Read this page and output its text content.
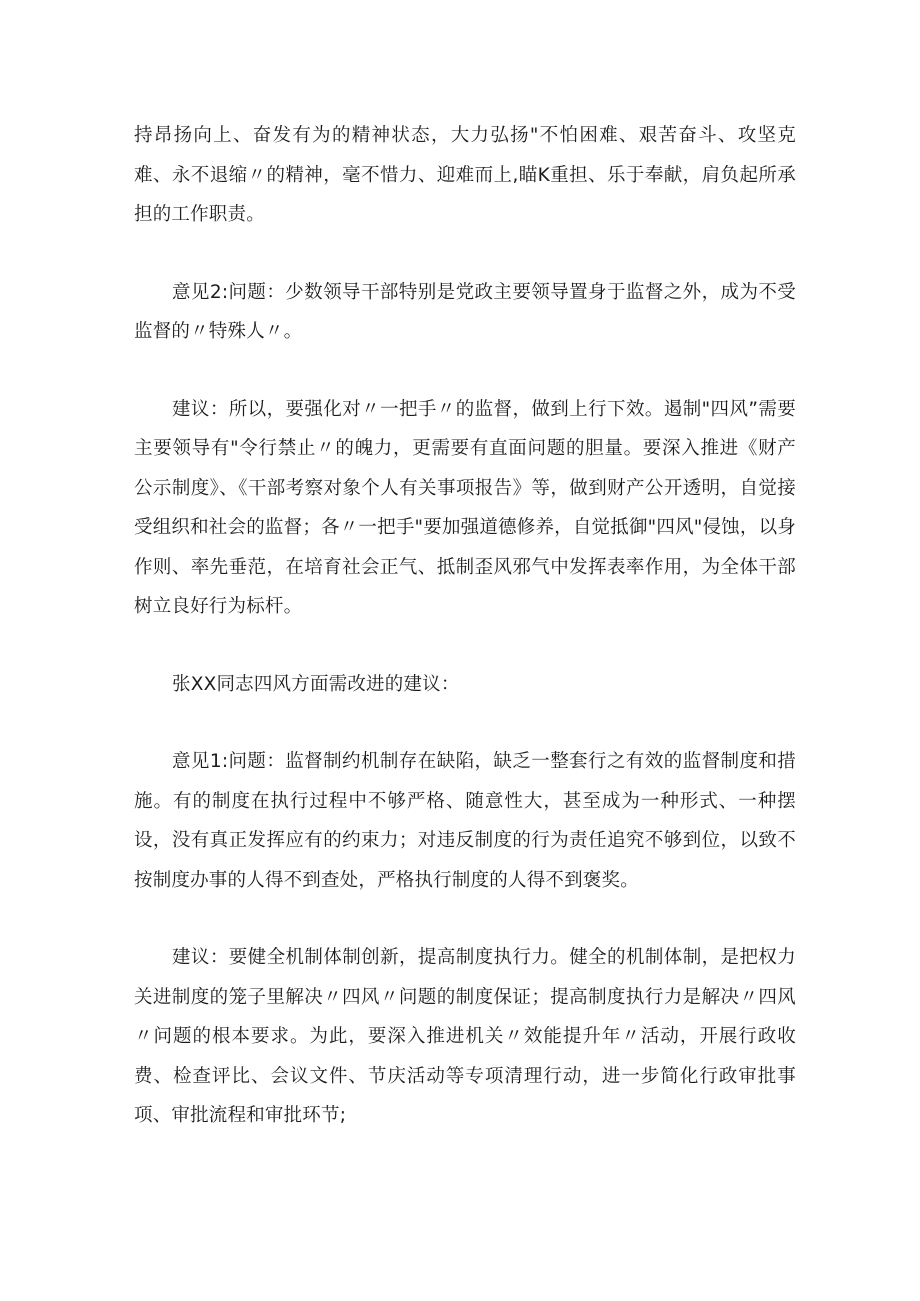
持昂扬向上、奋发有为的精神状态，大力弘扬"不怕困难、艰苦奋斗、攻坚克难、永不退缩〃的精神，毫不惜力、迎难而上,瞄K重担、乐于奉献，肩负起所承担的工作职责。

意见2:问题：少数领导干部特别是党政主要领导置身于监督之外，成为不受监督的〃特殊人〃。

建议：所以，要强化对〃一把手〃的监督，做到上行下效。遏制"四风”需要主要领导有"令行禁止〃的魄力，更需要有直面问题的胆量。要深入推进《财产公示制度》、《干部考察对象个人有关事项报告》等，做到财产公开透明，自觉接受组织和社会的监督；各〃一把手"要加强道德修养，自觉抵御"四风"侵蚀，以身作则、率先垂范，在培育社会正气、抵制歪风邪气中发挥表率作用，为全体干部树立良好行为标杆。

张XX同志四风方面需改进的建议：

意见1:问题：监督制约机制存在缺陷，缺乏一整套行之有效的监督制度和措施。有的制度在执行过程中不够严格、随意性大，甚至成为一种形式、一种摆设，没有真正发挥应有的约束力；对违反制度的行为责任追究不够到位，以致不按制度办事的人得不到查处，严格执行制度的人得不到褒奖。

建议：要健全机制体制创新，提高制度执行力。健全的机制体制，是把权力关进制度的笼子里解决〃四风〃问题的制度保证；提高制度执行力是解决〃四风〃问题的根本要求。为此，要深入推进机关〃效能提升年〃活动，开展行政收费、检查评比、会议文件、节庆活动等专项清理行动，进一步简化行政审批事项、审批流程和审批环节;
